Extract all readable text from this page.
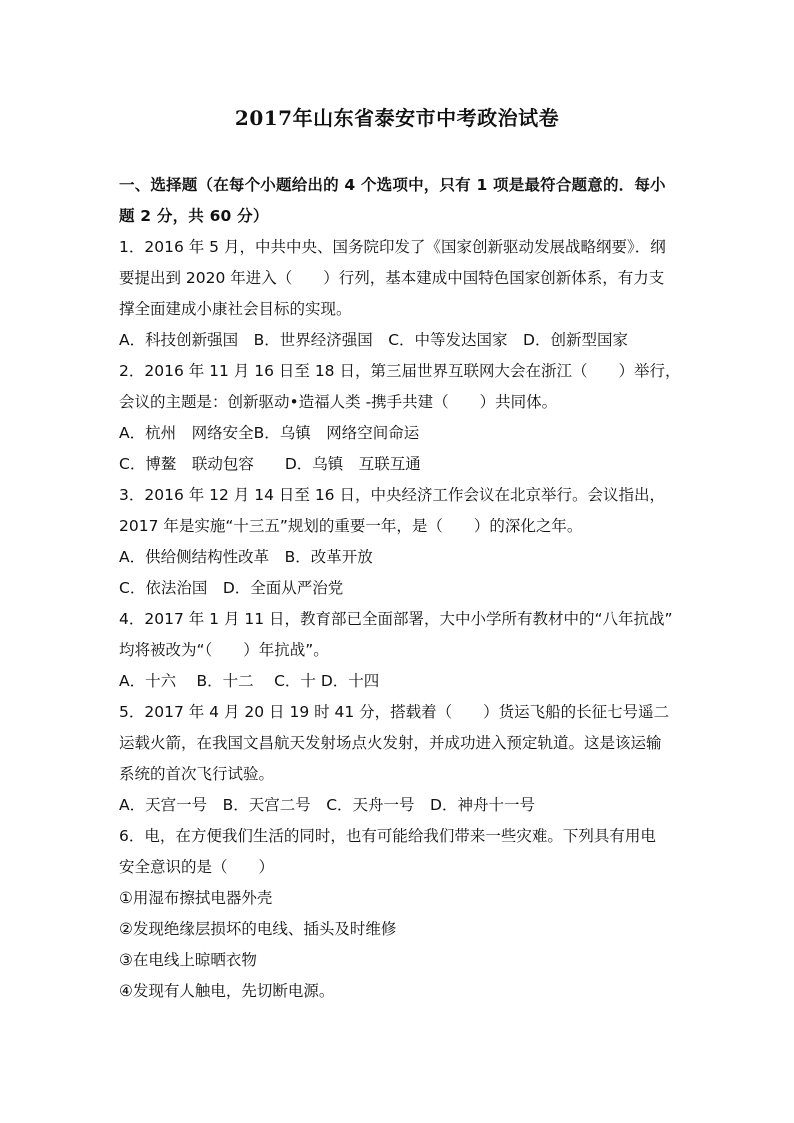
2017年山东省泰安市中考政治试卷
一、选择题（在每个小题给出的 4 个选项中，只有 1 项是最符合题意的．每小
题 2 分，共 60 分）
1．2016 年 5 月，中共中央、国务院印发了《国家创新驱动发展战略纲要》．纲
要提出到 2020 年进入（　　）行列，基本建成中国特色国家创新体系，有力支
撑全面建成小康社会目标的实现。
A．科技创新强国　B．世界经济强国　C．中等发达国家　D．创新型国家
2．2016 年 11 月 16 日至 18 日，第三届世界互联网大会在浙江（　　）举行，
会议的主题是：创新驱动•造福人类 -携手共建（　　）共同体。
A．杭州　网络安全B．乌镇　网络空间命运
C．博鳌　联动包容　　D．乌镇　互联互通
3．2016 年 12 月 14 日至 16 日，中央经济工作会议在北京举行。会议指出，
2017 年是实施“十三五”规划的重要一年，是（　　）的深化之年。
A．供给侧结构性改革　B．改革开放
C．依法治国　D．全面从严治党
4．2017 年 1 月 11 日，教育部已全面部署，大中小学所有教材中的“八年抗战”
均将被改为“（　　）年抗战”。
A．十六　 B．十二　 C．十 D．十四
5．2017 年 4 月 20 日 19 时 41 分，搭载着（　　）货运飞船的长征七号遥二
运载火箭，在我国文昌航天发射场点火发射，并成功进入预定轨道。这是该运输
系统的首次飞行试验。
A．天宫一号　B．天宫二号　C．天舟一号　D．神舟十一号
6．电，在方便我们生活的同时，也有可能给我们带来一些灾难。下列具有用电
安全意识的是（　　）
①用湿布擦拭电器外壳
②发现绝缘层损坏的电线、插头及时维修
③在电线上晾晒衣物
④发现有人触电，先切断电源。
